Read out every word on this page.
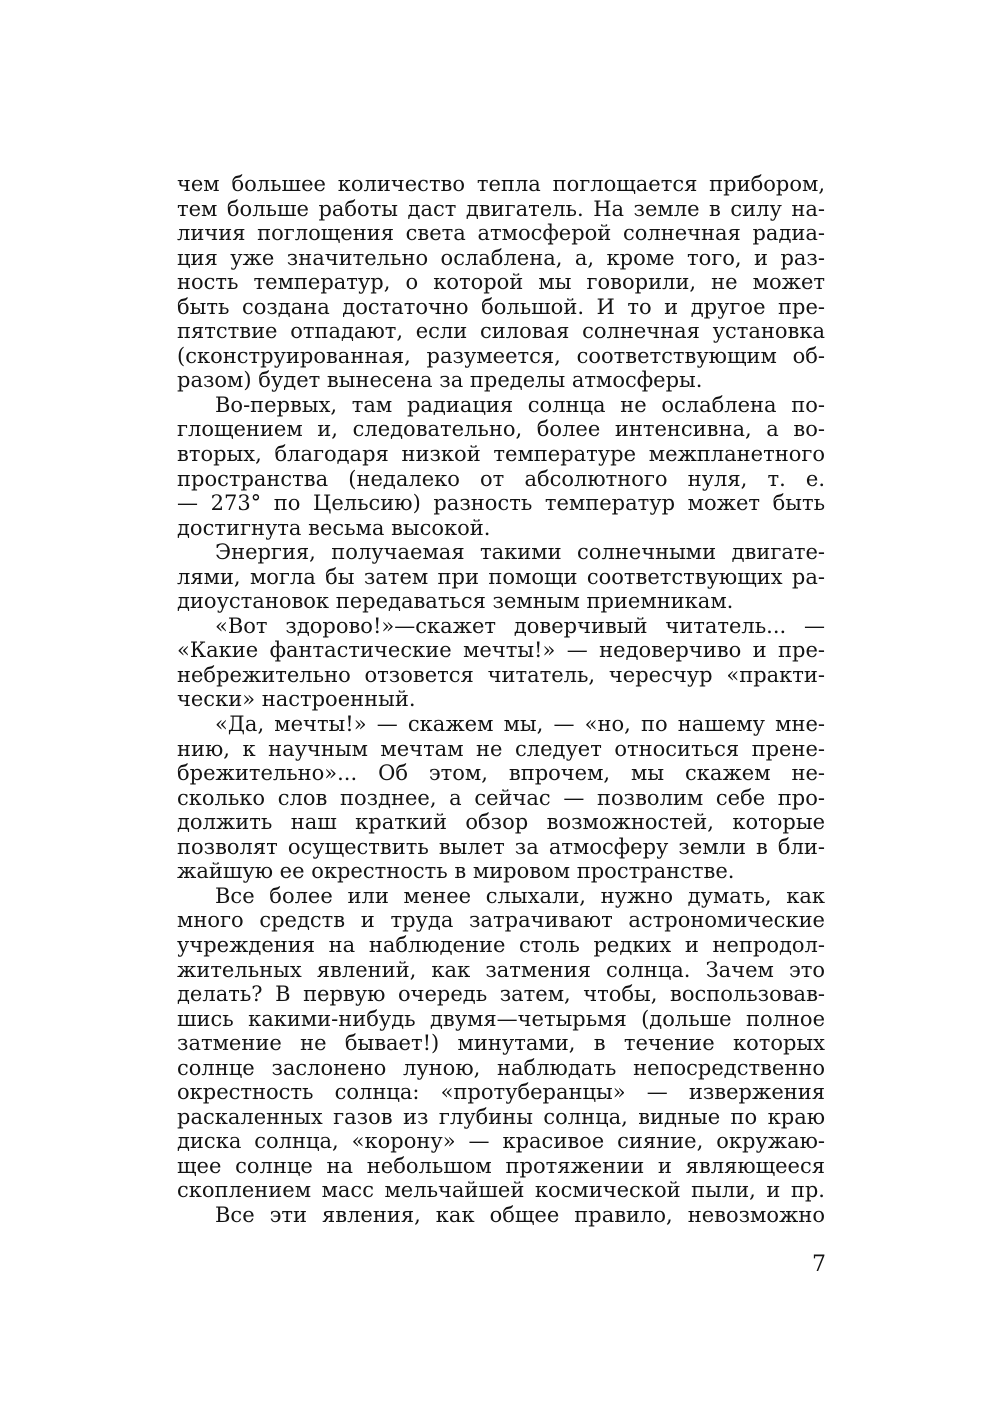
чем большее количество тепла поглощается прибором,
тем больше работы даст двигатель. На земле в силу на-
личия поглощения света атмосферой солнечная радиа-
ция уже значительно ослаблена, а, кроме того, и раз-
ность температур, о которой мы говорили, не может
быть создана достаточно большой. И то и другое пре-
пятствие отпадают, если силовая солнечная установка
(сконструированная, разумеется, соответствующим об-
разом) будет вынесена за пределы атмосферы.
Во-первых, там радиация солнца не ослаблена по-
глощением и, следовательно, более интенсивна, а во-
вторых, благодаря низкой температуре межпланетного
пространства (недалеко от абсолютного нуля, т. е.
— 273° по Цельсию) разность температур может быть
достигнута весьма высокой.
Энергия, получаемая такими солнечными двигате-
лями, могла бы затем при помощи соответствующих ра-
диоустановок передаваться земным приемникам.
«Вот здорово!»—скажет доверчивый читатель... —
«Какие фантастические мечты!» — недоверчиво и пре-
небрежительно отзовется читатель, чересчур «практи-
чески» настроенный.
«Да, мечты!» — скажем мы, — «но, по нашему мне-
нию, к научным мечтам не следует относиться прене-
брежительно»... Об этом, впрочем, мы скажем не-
сколько слов позднее, а сейчас — позволим себе про-
должить наш краткий обзор возможностей, которые
позволят осуществить вылет за атмосферу земли в бли-
жайшую ее окрестность в мировом пространстве.
Все более или менее слыхали, нужно думать, как
много средств и труда затрачивают астрономические
учреждения на наблюдение столь редких и непродол-
жительных явлений, как затмения солнца. Зачем это
делать? В первую очередь затем, чтобы, воспользовав-
шись какими-нибудь двумя—четырьмя (дольше полное
затмение не бывает!) минутами, в течение которых
солнце заслонено луною, наблюдать непосредственно
окрестность солнца: «протуберанцы» — извержения
раскаленных газов из глубины солнца, видные по краю
диска солнца, «корону» — красивое сияние, окружаю-
щее солнце на небольшом протяжении и являющееся
скоплением масс мельчайшей космической пыли, и пр.
Все эти явления, как общее правило, невозможно
7
